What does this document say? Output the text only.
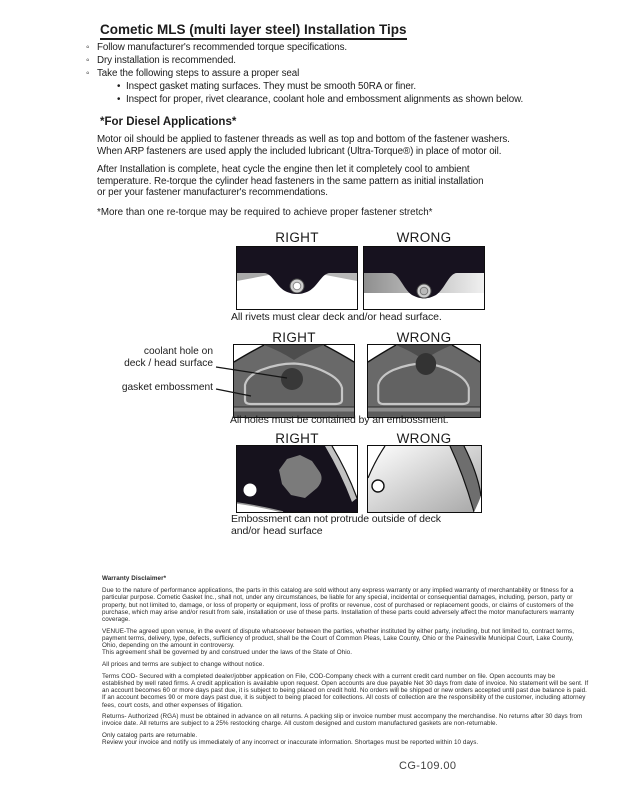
Cometic MLS (multi layer steel) Installation Tips
◦ Follow manufacturer's recommended torque specifications.
◦ Dry installation is recommended.
◦ Take the following steps to assure a proper seal
• Inspect gasket mating surfaces. They must be smooth 50RA or finer.
• Inspect for proper, rivet clearance, coolant hole and embossment alignments as shown below.
*For Diesel Applications*
Motor oil should be applied to fastener threads as well as top and bottom of the fastener washers.
When ARP fasteners are used apply the included lubricant (Ultra-Torque®) in place of motor oil.
After Installation is complete, heat cycle the engine then let it completely cool to ambient
temperature. Re-torque the cylinder head fasteners in the same pattern as initial installation
or per your fastener manufacturer's recommendations.
*More than one re-torque may be required to achieve proper fastener stretch*
RIGHT	WRONG
All rivets must clear deck and/or head surface.
RIGHT	WRONG
coolant hole on
deck / head surface
gasket embossment
All holes must be contained by an embossment.
RIGHT	WRONG
Embossment can not protrude outside of deck
and/or head surface

Warranty Disclaimer*

Due to the nature of performance applications, the parts in this catalog are sold without any express warranty or any implied warranty of merchantability or fitness for a particular purpose. Cometic Gasket Inc., shall not, under any circumstances, be liable for any special, incidental or consequential damages, including, person, party or property, but not limited to, damage, or loss of property or equipment, loss of profits or revenue, cost of purchased or replacement goods, or claims of customers of the purchase, which may arise and/or result from sale, installation or use of these parts. Installation of these parts could adversely affect the motor manufacturers warranty coverage.

VENUE-The agreed upon venue, in the event of dispute whatsoever between the parties, whether instituted by either party, including, but not limited to, contract terms, payment terms, delivery, type, defects, sufficiency of product, shall be the Court of Common Pleas, Lake County, Ohio or the Painesville Municipal Court, Lake County, Ohio, depending on the amount in controversy.
This agreement shall be governed by and construed under the laws of the State of Ohio.

All prices and terms are subject to change without notice.

Terms COD- Secured with a completed dealer/jobber application on File, COD-Company check with a current credit card number on file. Open accounts may be established by well rated firms. A credit application is available upon request. Open accounts are due payable Net 30 days from date of invoice. No statement will be sent. If an account becomes 60 or more days past due, it is subject to being placed on credit hold. No orders will be shipped or new orders accepted until past due balance is paid. If an account becomes 90 or more days past due, it is subject to being placed for collections. All costs of collection are the responsibility of the customer, including attorney fees, court costs, and other expenses of litigation.

Returns- Authorized (RGA) must be obtained in advance on all returns. A packing slip or invoice number must accompany the merchandise. No returns after 30 days from invoice date. All returns are subject to a 25% restocking charge. All custom designed and custom manufactured gaskets are non-returnable.

Only catalog parts are returnable.
Review your invoice and notify us immediately of any incorrect or inaccurate information. Shortages must be reported within 10 days.

CG-109.00
